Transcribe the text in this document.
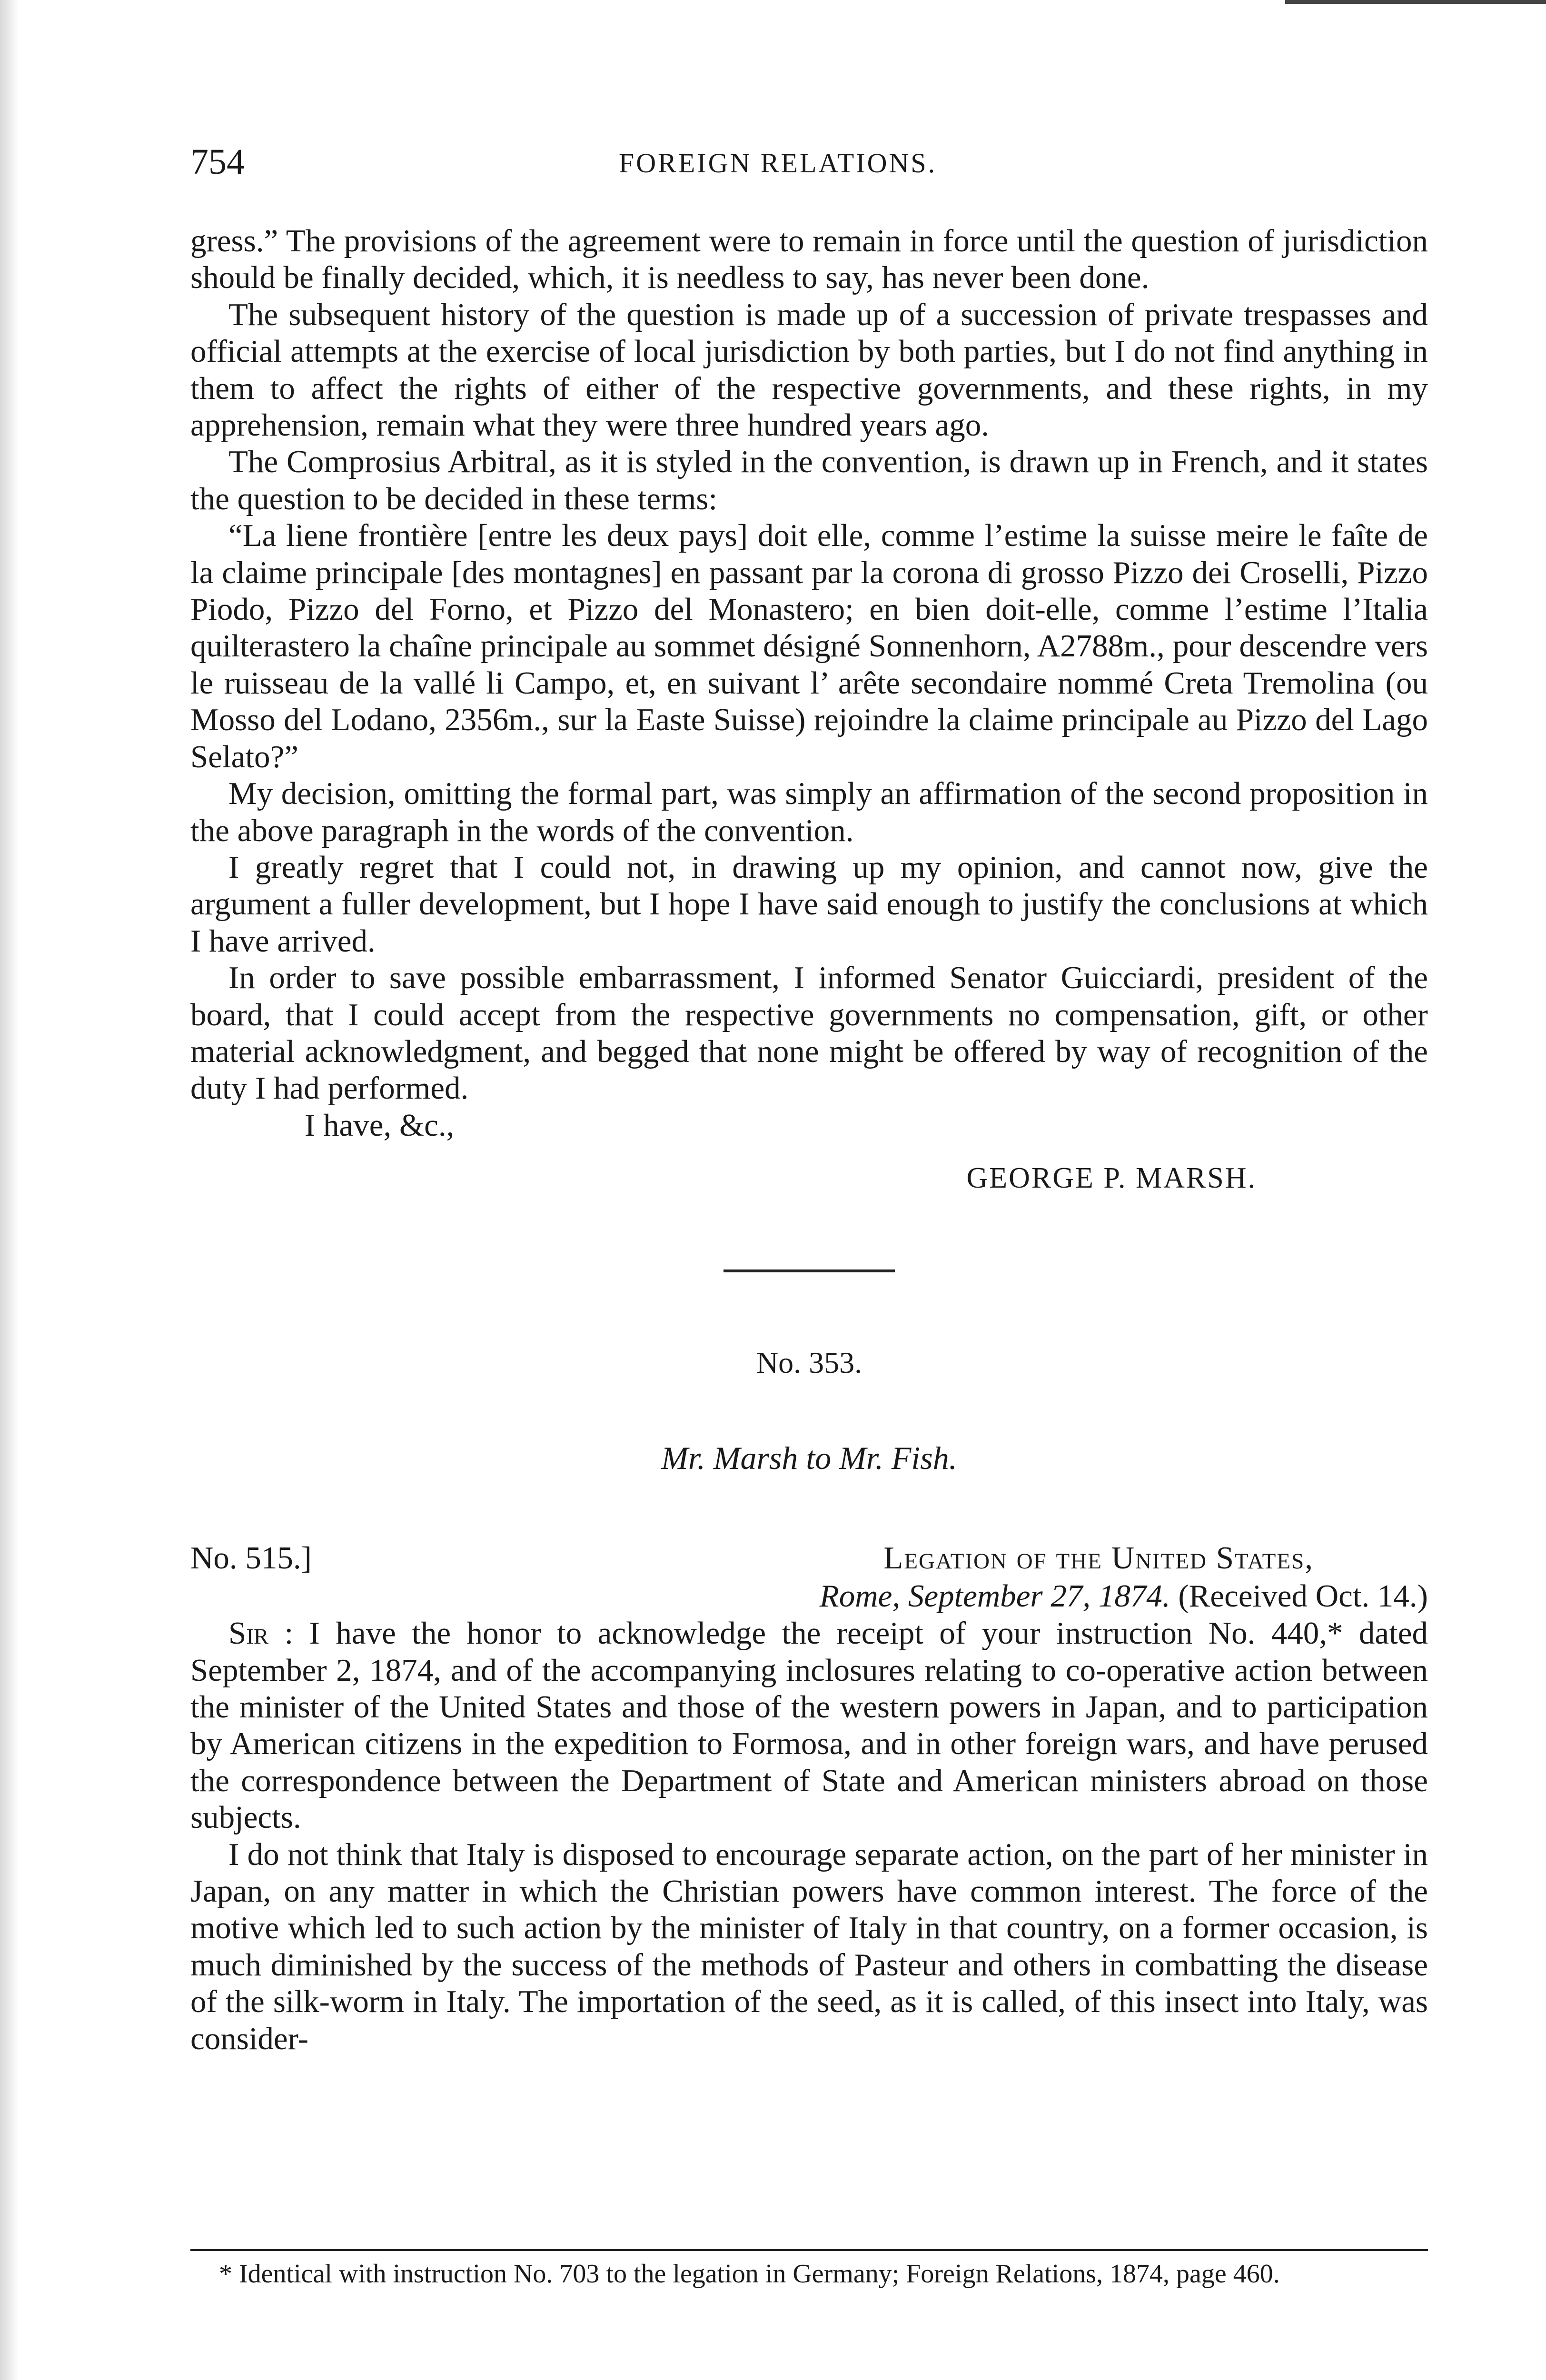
754	FOREIGN RELATIONS.

gress.” The provisions of the agreement were to remain in force until the question of jurisdiction should be finally decided, which, it is needless to say, has never been done.

The subsequent history of the question is made up of a succession of private trespasses and official attempts at the exercise of local jurisdiction by both parties, but I do not find anything in them to affect the rights of either of the respective governments, and these rights, in my apprehension, remain what they were three hundred years ago.

The Comprosius Arbitral, as it is styled in the convention, is drawn up in French, and it states the question to be decided in these terms:

“La liene frontière [entre les deux pays] doit elle, comme l’estime la suisse meire le faîte de la claime principale [des montagnes] en passant par la corona di grosso Pizzo dei Croselli, Pizzo Piodo, Pizzo del Forno, et Pizzo del Monastero; en bien doit-elle, comme l’estime l’Italia quilterastero la chaîne principale au sommet désigné Sonnenhorn, A2788m., pour descendre vers le ruisseau de la vallé li Campo, et, en suivant l’ arête secondaire nommé Creta Tremolina (ou Mosso del Lodano, 2356m., sur la Easte Suisse) rejoindre la claime principale au Pizzo del Lago Selato?”

My decision, omitting the formal part, was simply an affirmation of the second proposition in the above paragraph in the words of the convention.

I greatly regret that I could not, in drawing up my opinion, and cannot now, give the argument a fuller development, but I hope I have said enough to justify the conclusions at which I have arrived.

In order to save possible embarrassment, I informed Senator Guicciardi, president of the board, that I could accept from the respective governments no compensation, gift, or other material acknowledgment, and begged that none might be offered by way of recognition of the duty I had performed.

I have, &c.,

GEORGE P. MARSH.

No. 353.

Mr. Marsh to Mr. Fish.

No. 515.]	Legation of the United States,
Rome, September 27, 1874. (Received Oct. 14.)

Sir : I have the honor to acknowledge the receipt of your instruction No. 440,* dated September 2, 1874, and of the accompanying inclosures relating to co-operative action between the minister of the United States and those of the western powers in Japan, and to participation by American citizens in the expedition to Formosa, and in other foreign wars, and have perused the correspondence between the Department of State and American ministers abroad on those subjects.

I do not think that Italy is disposed to encourage separate action, on the part of her minister in Japan, on any matter in which the Christian powers have common interest. The force of the motive which led to such action by the minister of Italy in that country, on a former occasion, is much diminished by the success of the methods of Pasteur and others in combatting the disease of the silk-worm in Italy. The importation of the seed, as it is called, of this insect into Italy, was consider-

* Identical with instruction No. 703 to the legation in Germany; Foreign Relations, 1874, page 460.
